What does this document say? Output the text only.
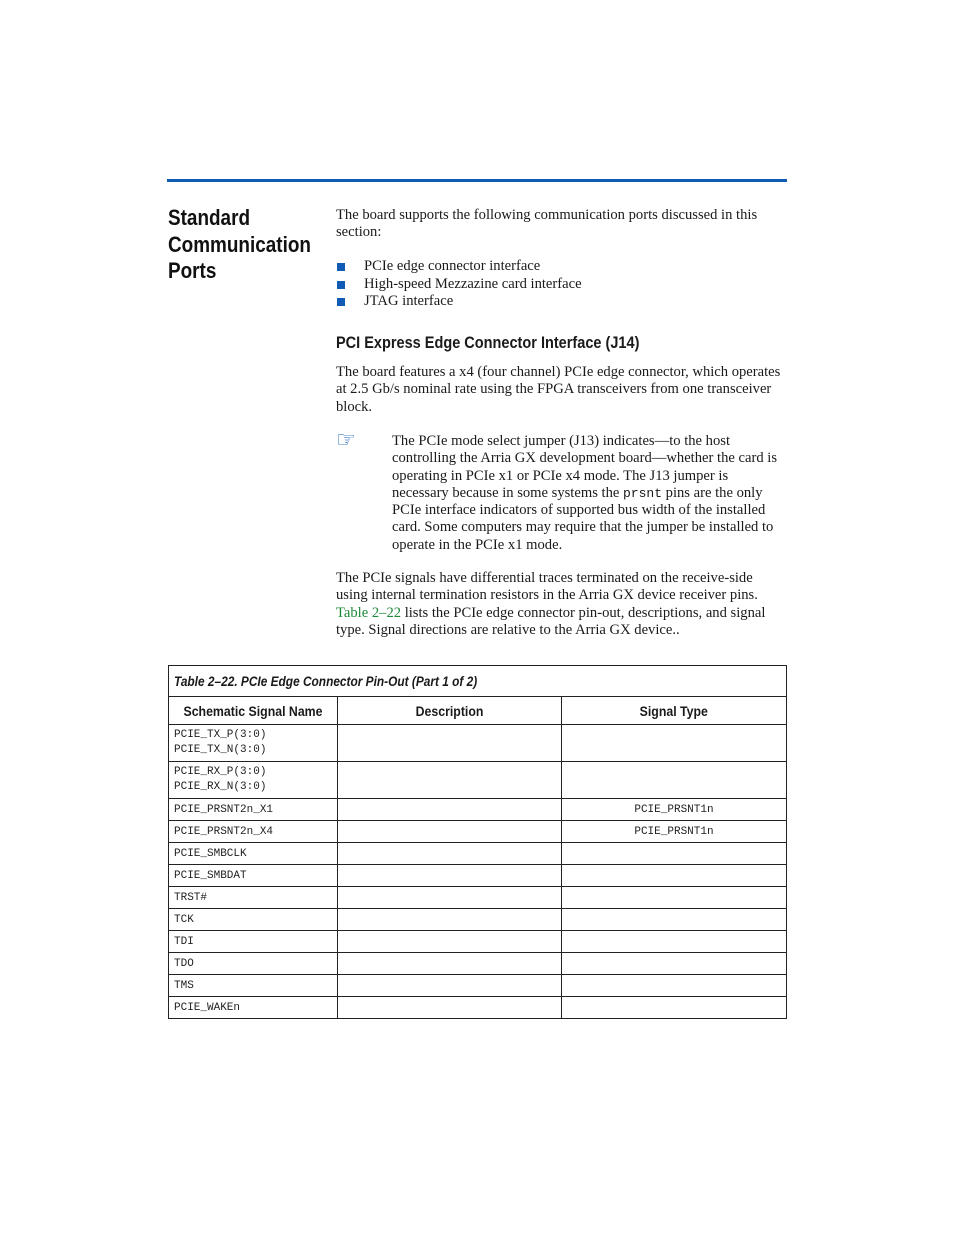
Standard
Communication
Ports
The board supports the following communication ports discussed in this section:
PCIe edge connector interface
High-speed Mezzazine card interface
JTAG interface
PCI Express Edge Connector Interface (J14)
The board features a x4 (four channel) PCIe edge connector, which operates at 2.5 Gb/s nominal rate using the FPGA transceivers from one transceiver block.
☞ The PCIe mode select jumper (J13) indicates—to the host controlling the Arria GX development board—whether the card is operating in PCIe x1 or PCIe x4 mode. The J13 jumper is necessary because in some systems the prsnt pins are the only PCIe interface indicators of supported bus width of the installed card. Some computers may require that the jumper be installed to operate in the PCIe x1 mode.
The PCIe signals have differential traces terminated on the receive-side using internal termination resistors in the Arria GX device receiver pins. Table 2–22 lists the PCIe edge connector pin-out, descriptions, and signal type. Signal directions are relative to the Arria GX device..
Table 2–22. PCIe Edge Connector Pin-Out (Part 1 of 2)		
Schematic Signal Name	Description	Signal Type

PCIE_TX_P(3:0)
PCIE_TX_N(3:0)		

PCIE_RX_P(3:0)
PCIE_RX_N(3:0)		

PCIE_PRSNT2n_X1		PCIE_PRSNT1n
PCIE_PRSNT2n_X4		PCIE_PRSNT1n
PCIE_SMBCLK		
PCIE_SMBDAT		
TRST#		
TCK		
TDI		
TDO		
TMS		
PCIE_WAKEn		
